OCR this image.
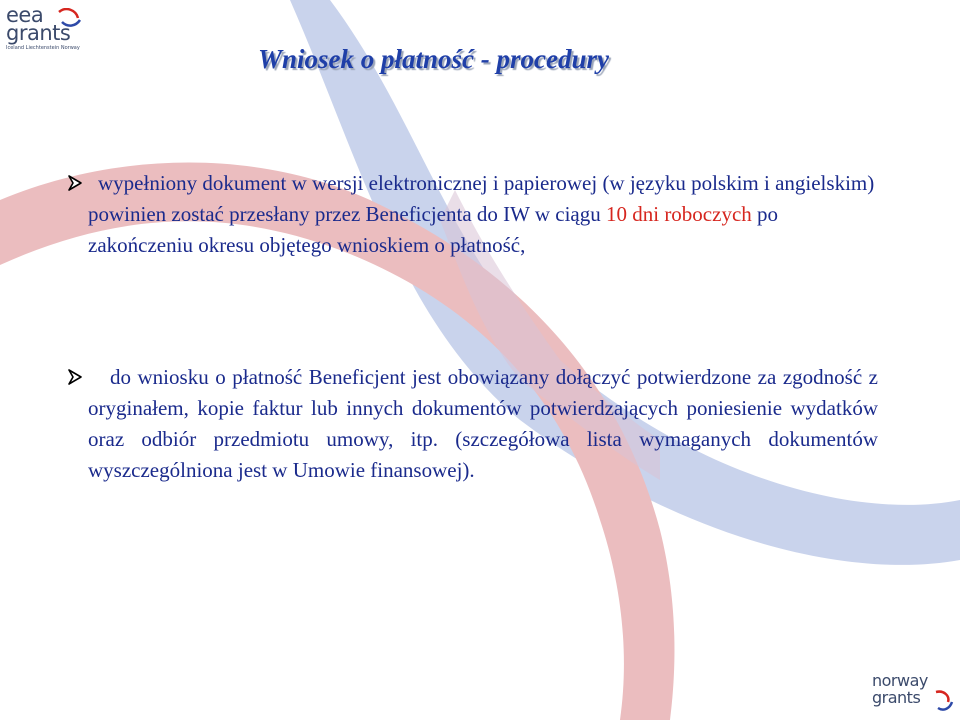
eea
grants
Iceland Liechtenstein Norway	Wniosek o płatność - procedury
wypełniony dokument w wersji elektronicznej i papierowej (w języku polskim i angielskim) powinien zostać przesłany przez Beneficjenta do IW w ciągu 10 dni roboczych po zakończeniu okresu objętego wnioskiem o płatność,
do wniosku o płatność Beneficjent jest obowiązany dołączyć potwierdzone za zgodność z oryginałem, kopie faktur lub innych dokumentów potwierdzających poniesienie wydatków oraz odbiór przedmiotu umowy, itp. (szczegółowa lista wymaganych dokumentów wyszczególniona jest w Umowie finansowej).
norway
grants
